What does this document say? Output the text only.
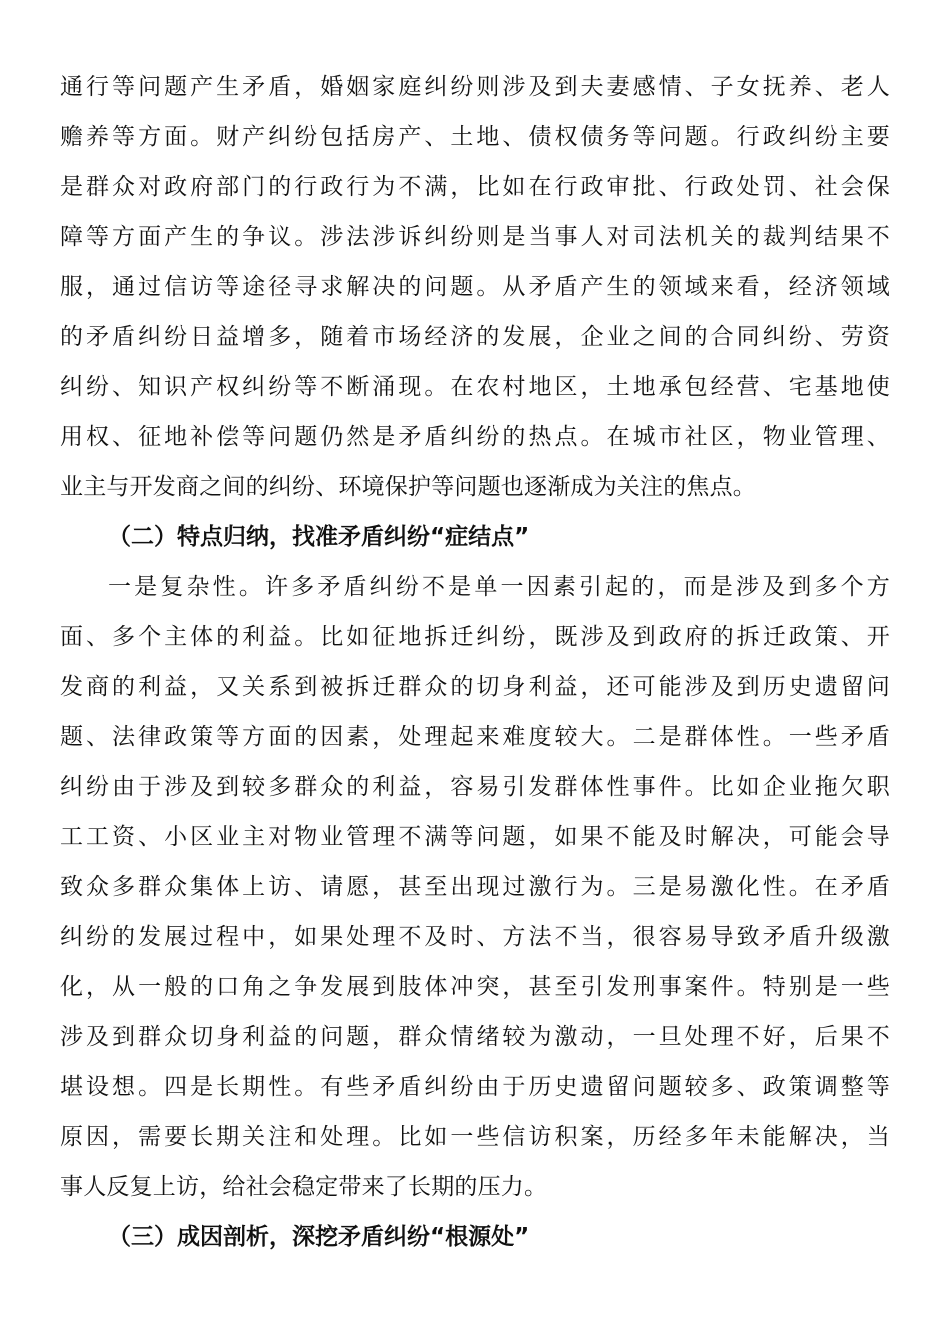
通行等问题产生矛盾，婚姻家庭纠纷则涉及到夫妻感情、子女抚养、老人
赡养等方面。财产纠纷包括房产、土地、债权债务等问题。行政纠纷主要
是群众对政府部门的行政行为不满，比如在行政审批、行政处罚、社会保
障等方面产生的争议。涉法涉诉纠纷则是当事人对司法机关的裁判结果不
服，通过信访等途径寻求解决的问题。从矛盾产生的领域来看，经济领域
的矛盾纠纷日益增多，随着市场经济的发展，企业之间的合同纠纷、劳资
纠纷、知识产权纠纷等不断涌现。在农村地区，土地承包经营、宅基地使
用权、征地补偿等问题仍然是矛盾纠纷的热点。在城市社区，物业管理、
业主与开发商之间的纠纷、环境保护等问题也逐渐成为关注的焦点。
（二）特点归纳，找准矛盾纠纷“症结点”
一是复杂性。许多矛盾纠纷不是单一因素引起的，而是涉及到多个方
面、多个主体的利益。比如征地拆迁纠纷，既涉及到政府的拆迁政策、开
发商的利益，又关系到被拆迁群众的切身利益，还可能涉及到历史遗留问
题、法律政策等方面的因素，处理起来难度较大。二是群体性。一些矛盾
纠纷由于涉及到较多群众的利益，容易引发群体性事件。比如企业拖欠职
工工资、小区业主对物业管理不满等问题，如果不能及时解决，可能会导
致众多群众集体上访、请愿，甚至出现过激行为。三是易激化性。在矛盾
纠纷的发展过程中，如果处理不及时、方法不当，很容易导致矛盾升级激
化，从一般的口角之争发展到肢体冲突，甚至引发刑事案件。特别是一些
涉及到群众切身利益的问题，群众情绪较为激动，一旦处理不好，后果不
堪设想。四是长期性。有些矛盾纠纷由于历史遗留问题较多、政策调整等
原因，需要长期关注和处理。比如一些信访积案，历经多年未能解决，当
事人反复上访，给社会稳定带来了长期的压力。
（三）成因剖析，深挖矛盾纠纷“根源处”
